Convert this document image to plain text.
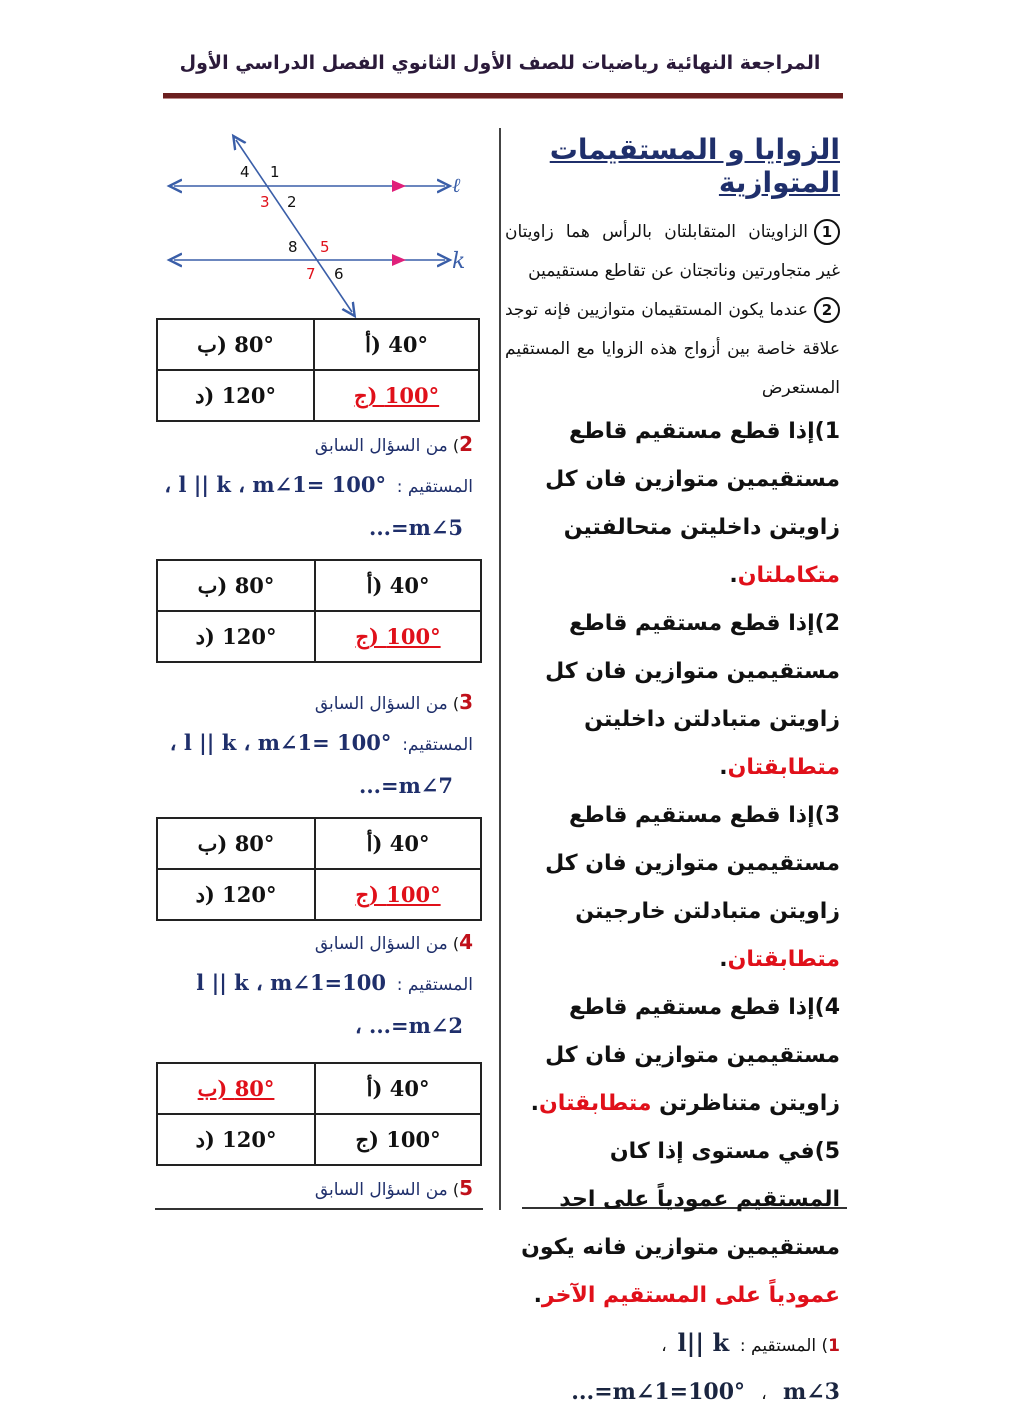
المراجعة النهائية رياضيات للصف الأول الثانوي الفصل الدراسي الأول
الزوايا و المستقيمات المتوازية

1الزاويتان المتقابلتان بالرأس هما زاويتان غير متجاورتين وناتجتان عن تقاطع مستقيمين

2عندما يكون المستقيمان متوازيين فإنه توجد علاقة خاصة بين أزواج هذه الزوايا مع المستقيم المستعرض

1)إذا قطع مستقيم قاطع مستقيمين متوازين فان كل زاويتن داخليتن متحالفتين متكاملتان.

2)إذا قطع مستقيم قاطع مستقيمين متوازين فان كل زاويتن متبادلتن داخليتن متطابقتان.

3)إذا قطع مستقيم قاطع مستقيمين متوازين فان كل زاويتن متبادلتن خارجيتن متطابقتان.

4)إذا قطع مستقيم قاطع مستقيمين متوازين فان كل زاويتن متناظرتن متطابقتان.

5)في مستوى إذا كان المستقيم عمودياً على احد مستقيمين متوازين فانه يكون عمودياً على المستقيم الآخر.

1) المستقيم :  l|| k  ،
m∠1=100°   ،   m∠3=...
ℓ
k
1
2
3
4
5
6
7
8
40° (أ	80° (ب
100° (ج	120° (د
2) من السؤال السابق
المستقيم :  l || k ، m∠1= 100° ،
m∠5=...
40° (أ	80° (ب
100° (ج	120° (د
3) من السؤال السابق
المستقيم:  l || k ، m∠1= 100° ،
m∠7=...
40° (أ	80° (ب
100° (ج	120° (د
4) من السؤال السابق
المستقيم :  l || k ، m∠1=100
m∠2=... ،
40° (أ	80° (ب
100° (ج	120° (د
5) من السؤال السابق
